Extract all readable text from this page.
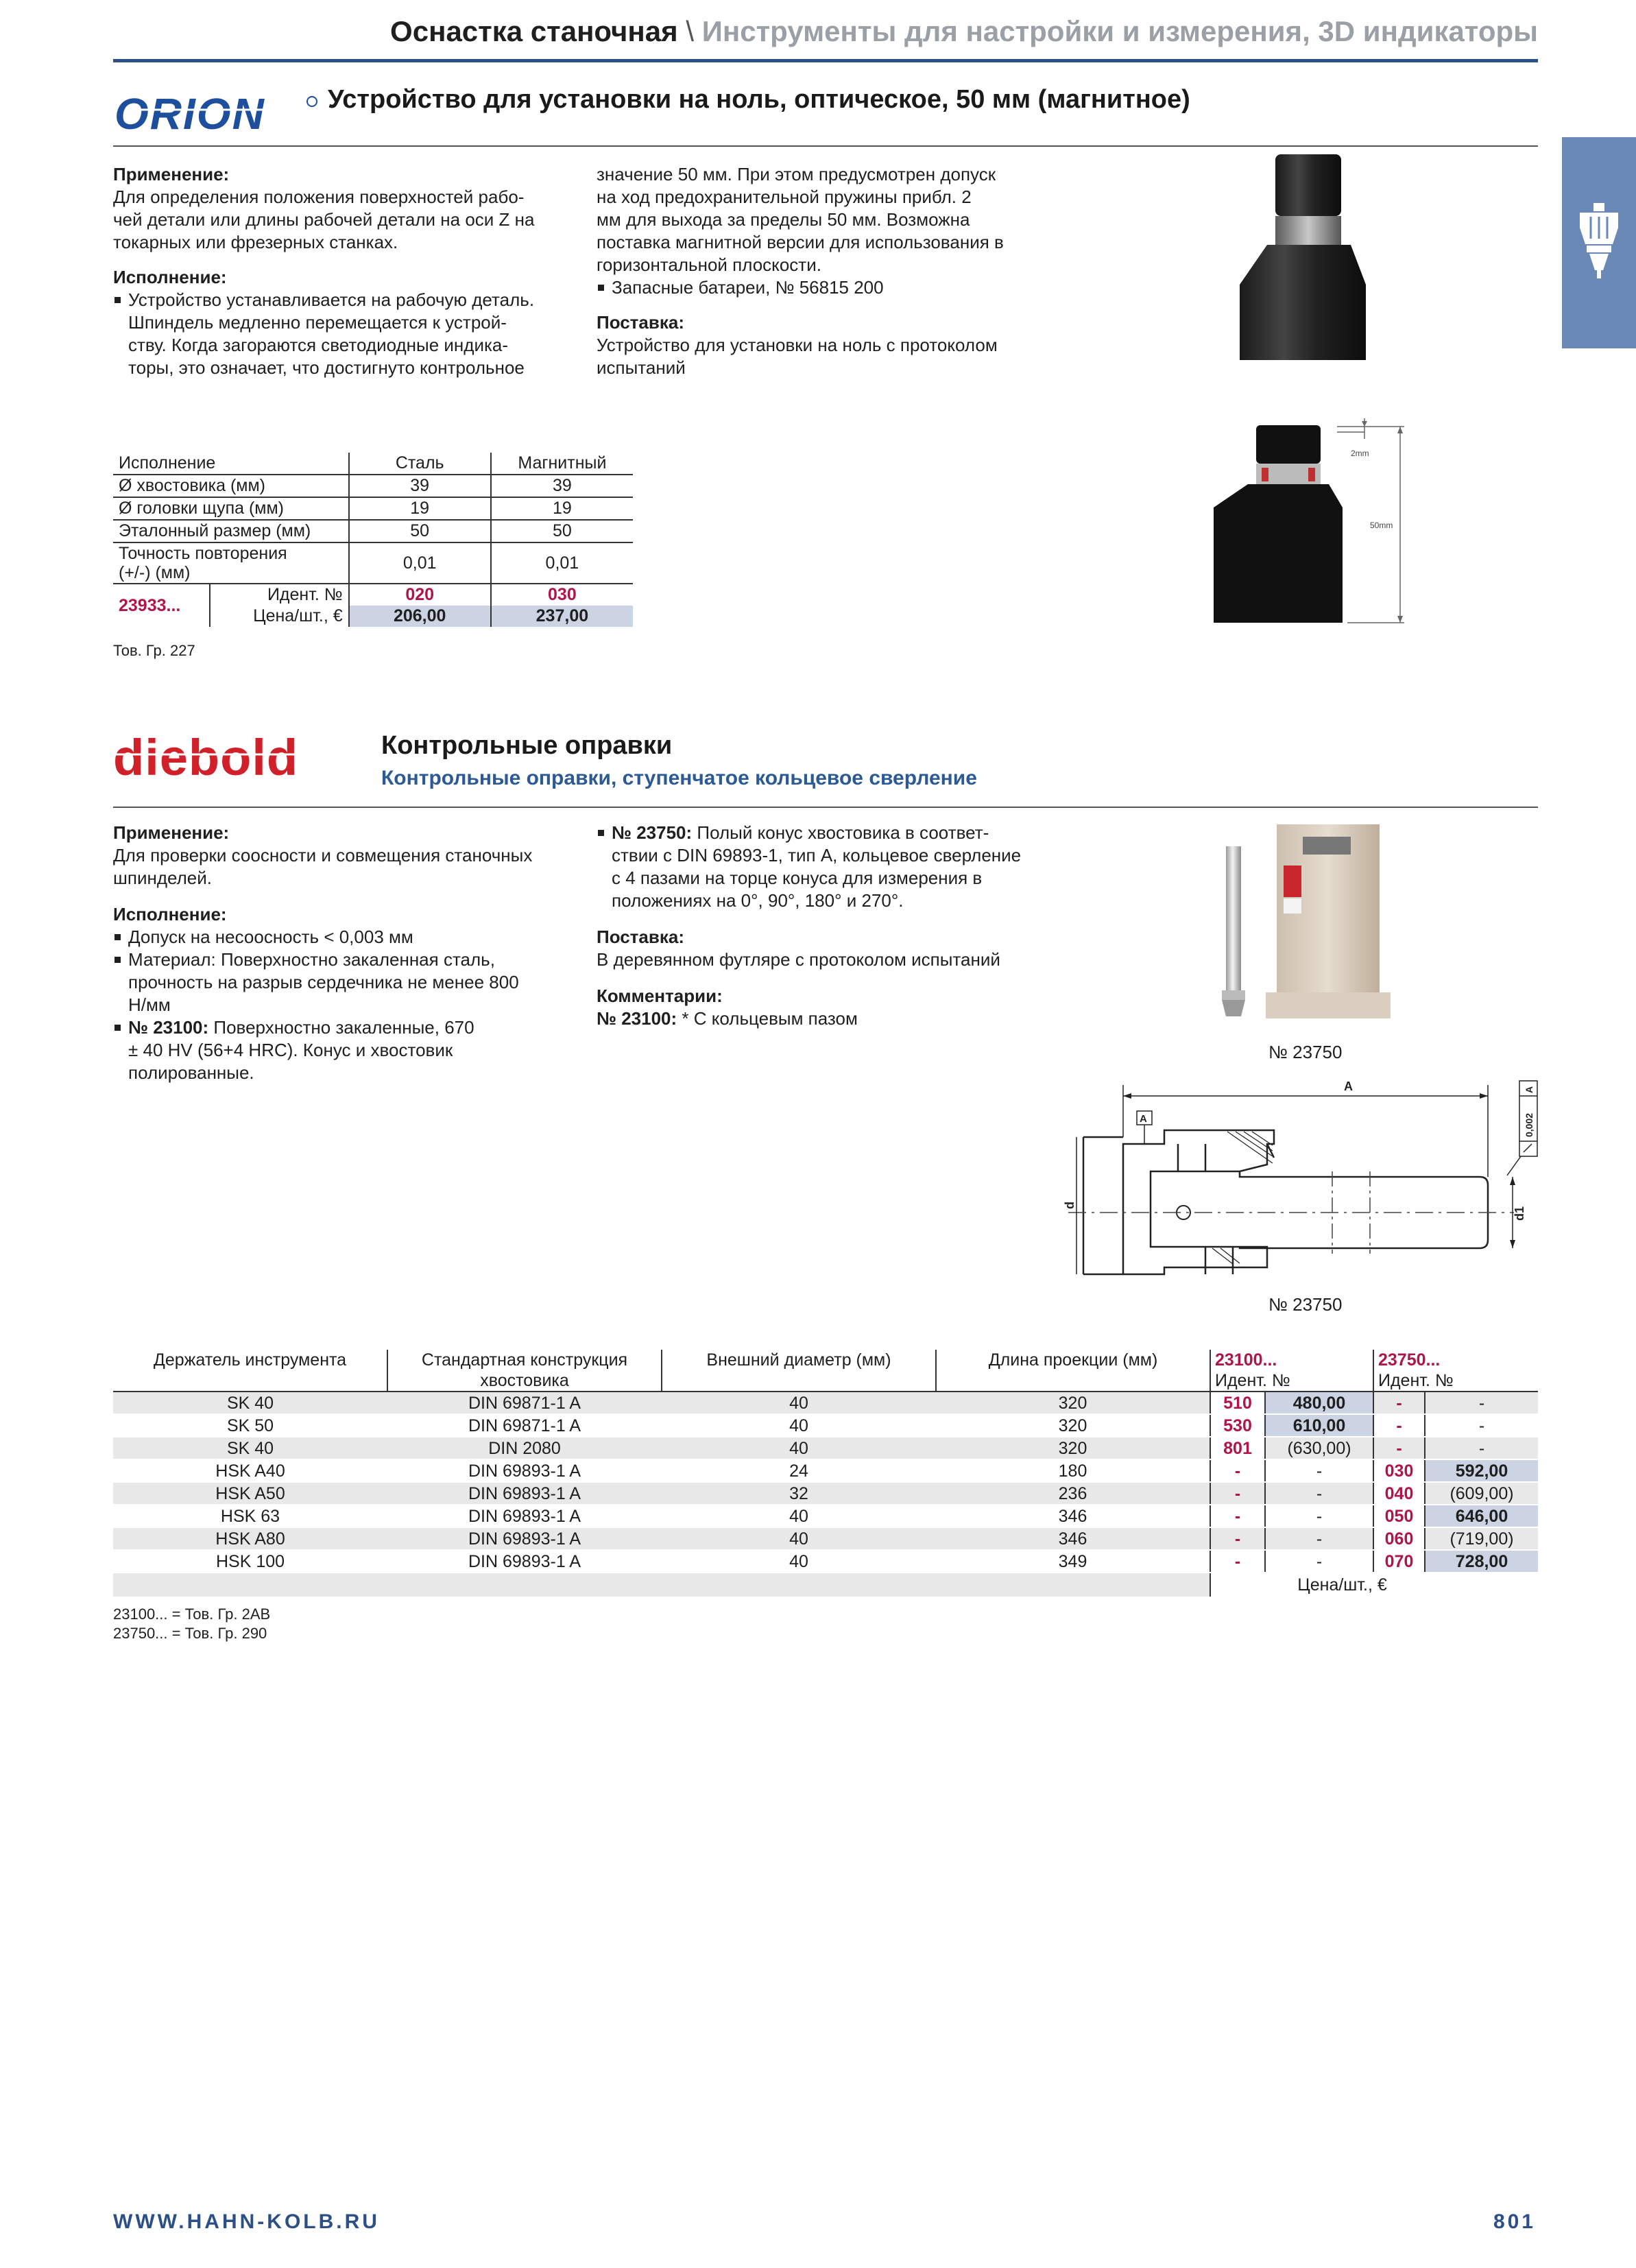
Оснастка станочная \ Инструменты для настройки и измерения, 3D индикаторы
ORION Устройство для установки на ноль, оптическое, 50 мм (магнитное)

Применение:

Для определения положения поверхностей рабо-

чей детали или длины рабочей детали на оси Z на

токарных или фрезерных станках.

Исполнение:

Устройство устанавливается на рабочую деталь.

Шпиндель медленно перемещается к устрой-

ству. Когда загораются светодиодные индика-

торы, это означает, что достигнуто контрольное

значение 50 мм. При этом предусмотрен допуск

на ход предохранительной пружины прибл. 2

мм для выхода за пределы 50 мм. Возможна

поставка магнитной версии для использования в

горизонтальной плоскости.

Запасные батареи, № 56815 200

Поставка:

Устройство для установки на ноль с протоколом

испытаний

2mm
50mm
Исполнение		Сталь	Магнитный
Ø хвостовика (мм)		39	39
Ø головки щупа (мм)		19	19
Эталонный размер (мм)		50	50
Точность повторения
(+/-) (мм)		0,01	0,01
23933...	Идент. №	020	030
	Цена/шт., €	206,00	237,00
Тов. Гр. 227
diebold	Контрольные оправки
Контрольные оправки, ступенчатое кольцевое сверление

Применение:

Для проверки соосности и совмещения станочных

шпинделей.

Исполнение:

Допуск на несоосность < 0,003 мм

Материал: Поверхностно закаленная сталь,

прочность на разрыв сердечника не менее 800

Н/мм

№ 23100: Поверхностно закаленные, 670

± 40 HV (56+4 HRC). Конус и хвостовик

полированные.

№ 23750: Полый конус хвостовика в соответ-

ствии с DIN 69893-1, тип A, кольцевое сверление

с 4 пазами на торце конуса для измерения в

положениях на 0°, 90°, 180° и 270°.

Поставка:

В деревянном футляре с протоколом испытаний

Комментарии:

№ 23100: * С кольцевым пазом

№ 23750
A
d
d1
A	0,002
A
№ 23750
Держатель инструмента	Стандартная конструкция
хвостовика	Внешний диаметр (мм)	Длина проекции (мм)	23100...
Идент. №		23750...
Идент. №	
SK 40	DIN 69871-1 A	40	320	510	480,00	-	-
SK 50	DIN 69871-1 A	40	320	530	610,00	-	-
SK 40	DIN 2080	40	320	801	(630,00)	-	-
HSK A40	DIN 69893-1 A	24	180	-	-	030	592,00
HSK A50	DIN 69893-1 A	32	236	-	-	040	(609,00)
HSK 63	DIN 69893-1 A	40	346	-	-	050	646,00
HSK A80	DIN 69893-1 A	40	346	-	-	060	(719,00)
HSK 100	DIN 69893-1 A	40	349	-	-	070	728,00
				Цена/шт., €			
23100... = Тов. Гр. 2AB
23750... = Тов. Гр. 290
WWW.HAHN-KOLB.RU	801
